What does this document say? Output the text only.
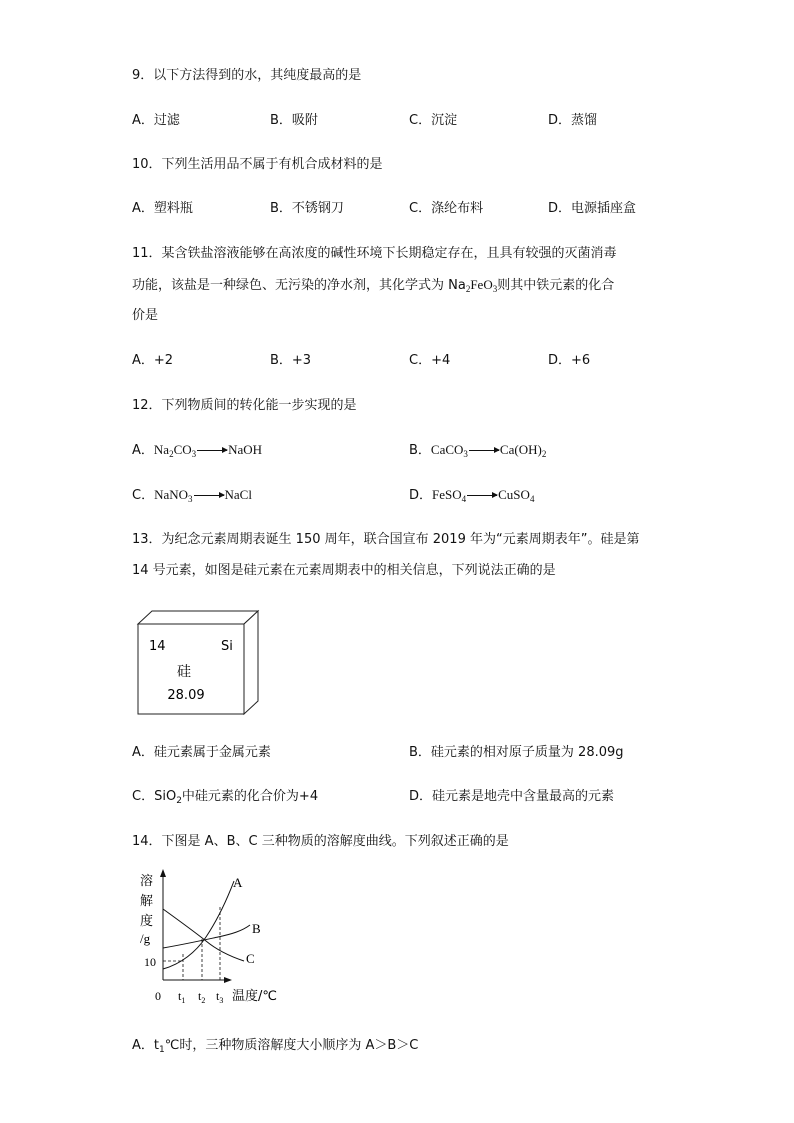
9．以下方法得到的水，其纯度最高的是
A．过滤	B．吸附	C．沉淀	D．蒸馏
10．下列生活用品不属于有机合成材料的是
A．塑料瓶	B．不锈钢刀	C．涤纶布料	D．电源插座盒
11．某含铁盐溶液能够在高浓度的碱性环境下长期稳定存在，且具有较强的灭菌消毒
功能，该盐是一种绿色、无污染的净水剂，其化学式为 $Na_2FeO_3$则其中铁元素的化合
价是
A．+2	B．+3	C．+4	D．+6
12．下列物质间的转化能一步实现的是
A．$Na_2CO_3$ NaOH	B．CaCO$_3$ $Ca(OH)_2$
C．NaNO$_3$ NaCl	D．FeSO$_4$ CuSO$_4$
13．为纪念元素周期表诞生 150 周年，联合国宣布 2019 年为“元素周期表年”。硅是第
14 号元素，如图是硅元素在元素周期表中的相关信息，下列说法正确的是
14	Si
硅
28.09
A．硅元素属于金属元素	B．硅元素的相对原子质量为 28.09g
C．SiO$_2$中硅元素的化合价为+4	D．硅元素是地壳中含量最高的元素
14．下图是 A、B、C 三种物质的溶解度曲线。下列叙述正确的是
溶
解
度
/g
A
B
C
10
0 $t_1$ $t_2$ $t_3$ 温度/℃
A．$t_1℃$时，三种物质溶解度大小顺序为 A＞B＞C
